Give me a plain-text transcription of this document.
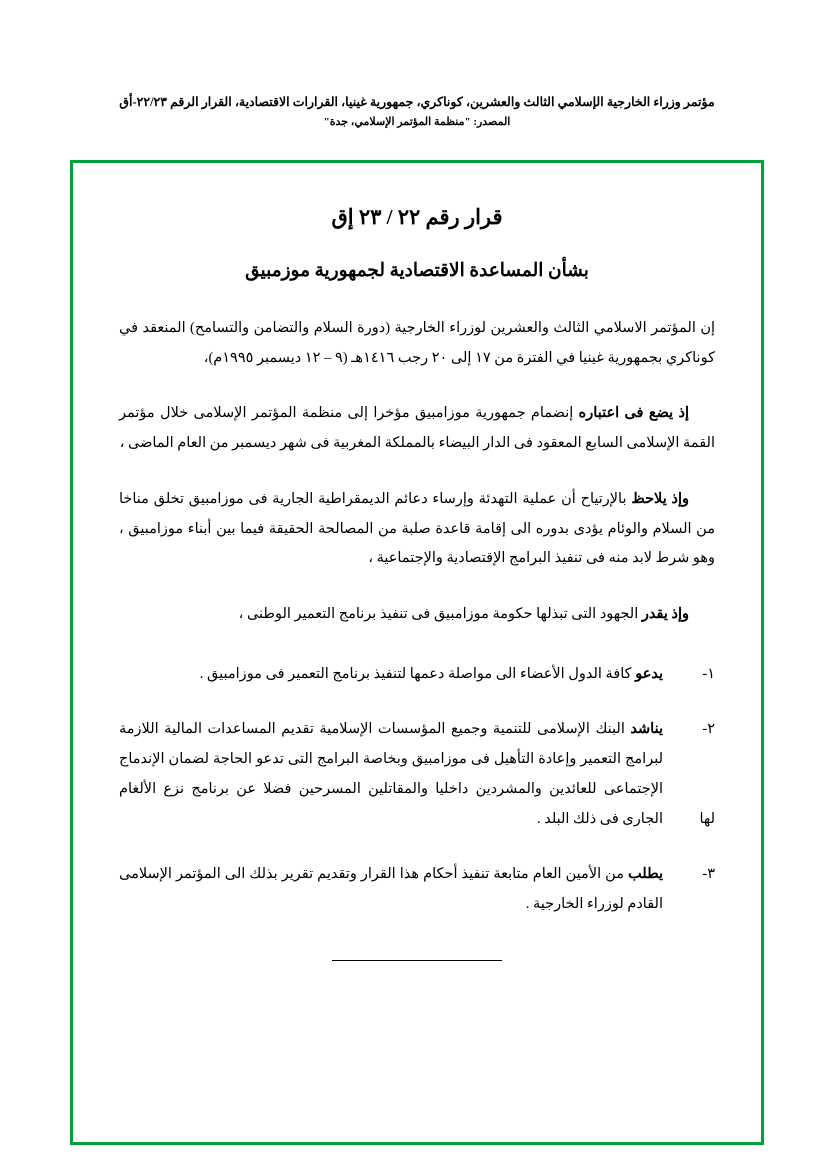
مؤتمر وزراء الخارجية الإسلامي الثالث والعشرين، كوناكري، جمهورية غينيا، القرارات الاقتصادية، القرار الرقم ٢٢/٢٣-أق
المصدر: "منظمة المؤتمر الإسلامي، جدة"
قرار رقم ٢٢ / ٢٣ إق
بشأن المساعدة الاقتصادية لجمهورية موزمبيق

إن المؤتمر الاسلامي الثالث والعشرين لوزراء الخارجية (دورة السلام والتضامن والتسامح) المنعقد في كوناكري بجمهورية غينيا في الفترة من ١٧ إلى ٢٠ رجب ١٤١٦هـ (٩ – ١٢ ديسمبر ١٩٩٥م)،

إذ يضع فى اعتباره إنضمام جمهورية موزامبيق مؤخرا إلى منظمة المؤتمر الإسلامى خلال مؤتمر القمة الإسلامى السابع المعقود فى الدار البيضاء بالمملكة المغربية فى شهر ديسمبر من العام الماضى ،

وإذ يلاحظ بالإرتياح أن عملية التهدئة وإرساء دعائم الديمقراطية الجارية فى موزامبيق تخلق مناخا من السلام والوئام يؤدى بدوره الى إقامة قاعدة صلبة من المصالحة الحقيقة فيما بين أبناء موزامبيق ، وهو شرط لابد منه فى تنفيذ البرامج الإقتصادية والإجتماعية ،

وإذ يقدر الجهود التى تبذلها حكومة موزامبيق فى تنفيذ برنامج التعمير الوطنى ،

١-
يدعو كافة الدول الأعضاء الى مواصلة دعمها لتنفيذ برنامج التعمير فى موزامبيق .
٢-
لها
يناشد البنك الإسلامى للتنمية وجميع المؤسسات الإسلامية تقديم المساعدات المالية اللازمة لبرامج التعمير وإعادة التأهيل فى موزامبيق وبخاصة البرامج التى تدعو الحاجة لضمان الإندماج الإجتماعى للعائدين والمشردين داخليا والمقاتلين المسرحين فضلا عن برنامج نزع الألغام الجارى فى ذلك البلد .
٣-
يطلب من الأمين العام متابعة تنفيذ أحكام هذا القرار وتقديم تقرير بذلك الى المؤتمر الإسلامى القادم لوزراء الخارجية .
